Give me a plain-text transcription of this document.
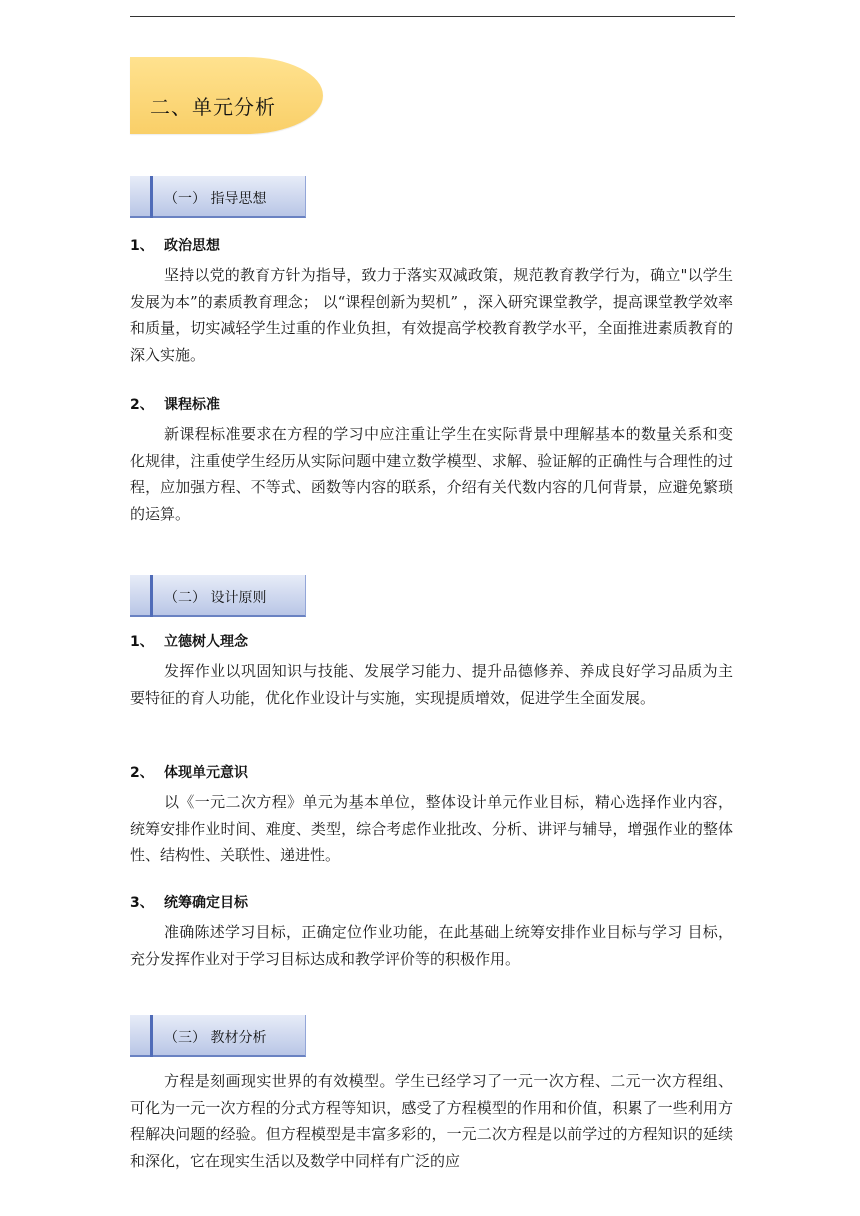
二、单元分析
（一） 指导思想
1、 政治思想

坚持以党的教育方针为指导，致力于落实双减政策，规范教育教学行为，确立"以学生发展为本”的素质教育理念； 以“课程创新为契机” ，深入研究课堂教学，提高课堂教学效率和质量，切实减轻学生过重的作业负担，有效提高学校教育教学水平，全面推进素质教育的深入实施。

2、 课程标准

新课程标准要求在方程的学习中应注重让学生在实际背景中理解基本的数量关系和变化规律，注重使学生经历从实际问题中建立数学模型、求解、验证解的正确性与合理性的过程，应加强方程、不等式、函数等内容的联系，介绍有关代数内容的几何背景，应避免繁琐的运算。

（二） 设计原则
1、 立德树人理念

发挥作业以巩固知识与技能、发展学习能力、提升品德修养、养成良好学习品质为主要特征的育人功能，优化作业设计与实施，实现提质增效，促进学生全面发展。

2、 体现单元意识

以《一元二次方程》单元为基本单位，整体设计单元作业目标，精心选择作业内容，统筹安排作业时间、难度、类型，综合考虑作业批改、分析、讲评与辅导，增强作业的整体性、结构性、关联性、递进性。

3、 统筹确定目标

准确陈述学习目标，正确定位作业功能，在此基础上统筹安排作业目标与学习 目标，充分发挥作业对于学习目标达成和教学评价等的积极作用。

（三） 教材分析

方程是刻画现实世界的有效模型。学生已经学习了一元一次方程、二元一次方程组、可化为一元一次方程的分式方程等知识，感受了方程模型的作用和价值，积累了一些利用方程解决问题的经验。但方程模型是丰富多彩的，一元二次方程是以前学过的方程知识的延续和深化，它在现实生活以及数学中同样有广泛的应
